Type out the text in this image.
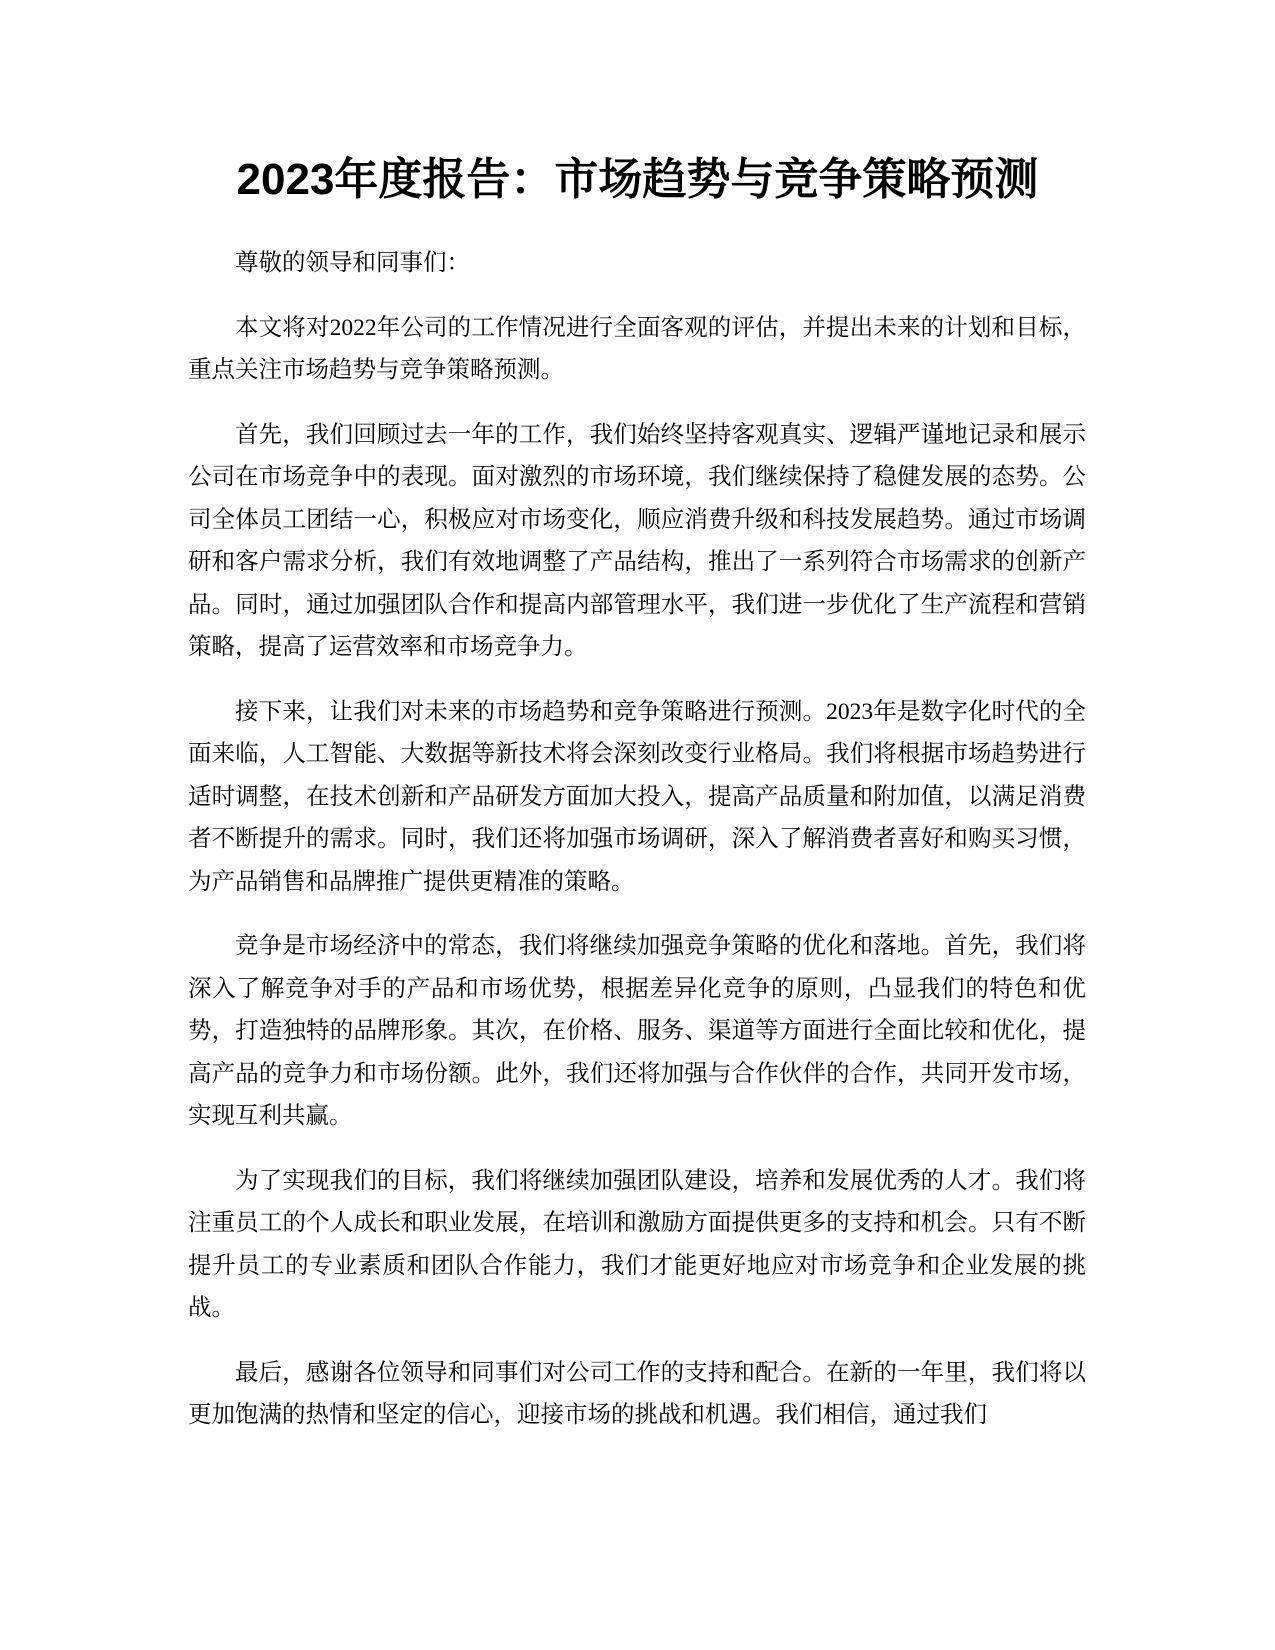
2023年度报告：市场趋势与竞争策略预测

尊敬的领导和同事们：

本文将对2022年公司的工作情况进行全面客观的评估，并提出未来的计划和目标，重点关注市场趋势与竞争策略预测。

首先，我们回顾过去一年的工作，我们始终坚持客观真实、逻辑严谨地记录和展示公司在市场竞争中的表现。面对激烈的市场环境，我们继续保持了稳健发展的态势。公司全体员工团结一心，积极应对市场变化，顺应消费升级和科技发展趋势。通过市场调研和客户需求分析，我们有效地调整了产品结构，推出了一系列符合市场需求的创新产品。同时，通过加强团队合作和提高内部管理水平，我们进一步优化了生产流程和营销策略，提高了运营效率和市场竞争力。

接下来，让我们对未来的市场趋势和竞争策略进行预测。2023年是数字化时代的全面来临，人工智能、大数据等新技术将会深刻改变行业格局。我们将根据市场趋势进行适时调整，在技术创新和产品研发方面加大投入，提高产品质量和附加值，以满足消费者不断提升的需求。同时，我们还将加强市场调研，深入了解消费者喜好和购买习惯，为产品销售和品牌推广提供更精准的策略。

竞争是市场经济中的常态，我们将继续加强竞争策略的优化和落地。首先，我们将深入了解竞争对手的产品和市场优势，根据差异化竞争的原则，凸显我们的特色和优势，打造独特的品牌形象。其次，在价格、服务、渠道等方面进行全面比较和优化，提高产品的竞争力和市场份额。此外，我们还将加强与合作伙伴的合作，共同开发市场，实现互利共赢。

为了实现我们的目标，我们将继续加强团队建设，培养和发展优秀的人才。我们将注重员工的个人成长和职业发展，在培训和激励方面提供更多的支持和机会。只有不断提升员工的专业素质和团队合作能力，我们才能更好地应对市场竞争和企业发展的挑战。

最后，感谢各位领导和同事们对公司工作的支持和配合。在新的一年里，我们将以更加饱满的热情和坚定的信心，迎接市场的挑战和机遇。我们相信，通过我们
